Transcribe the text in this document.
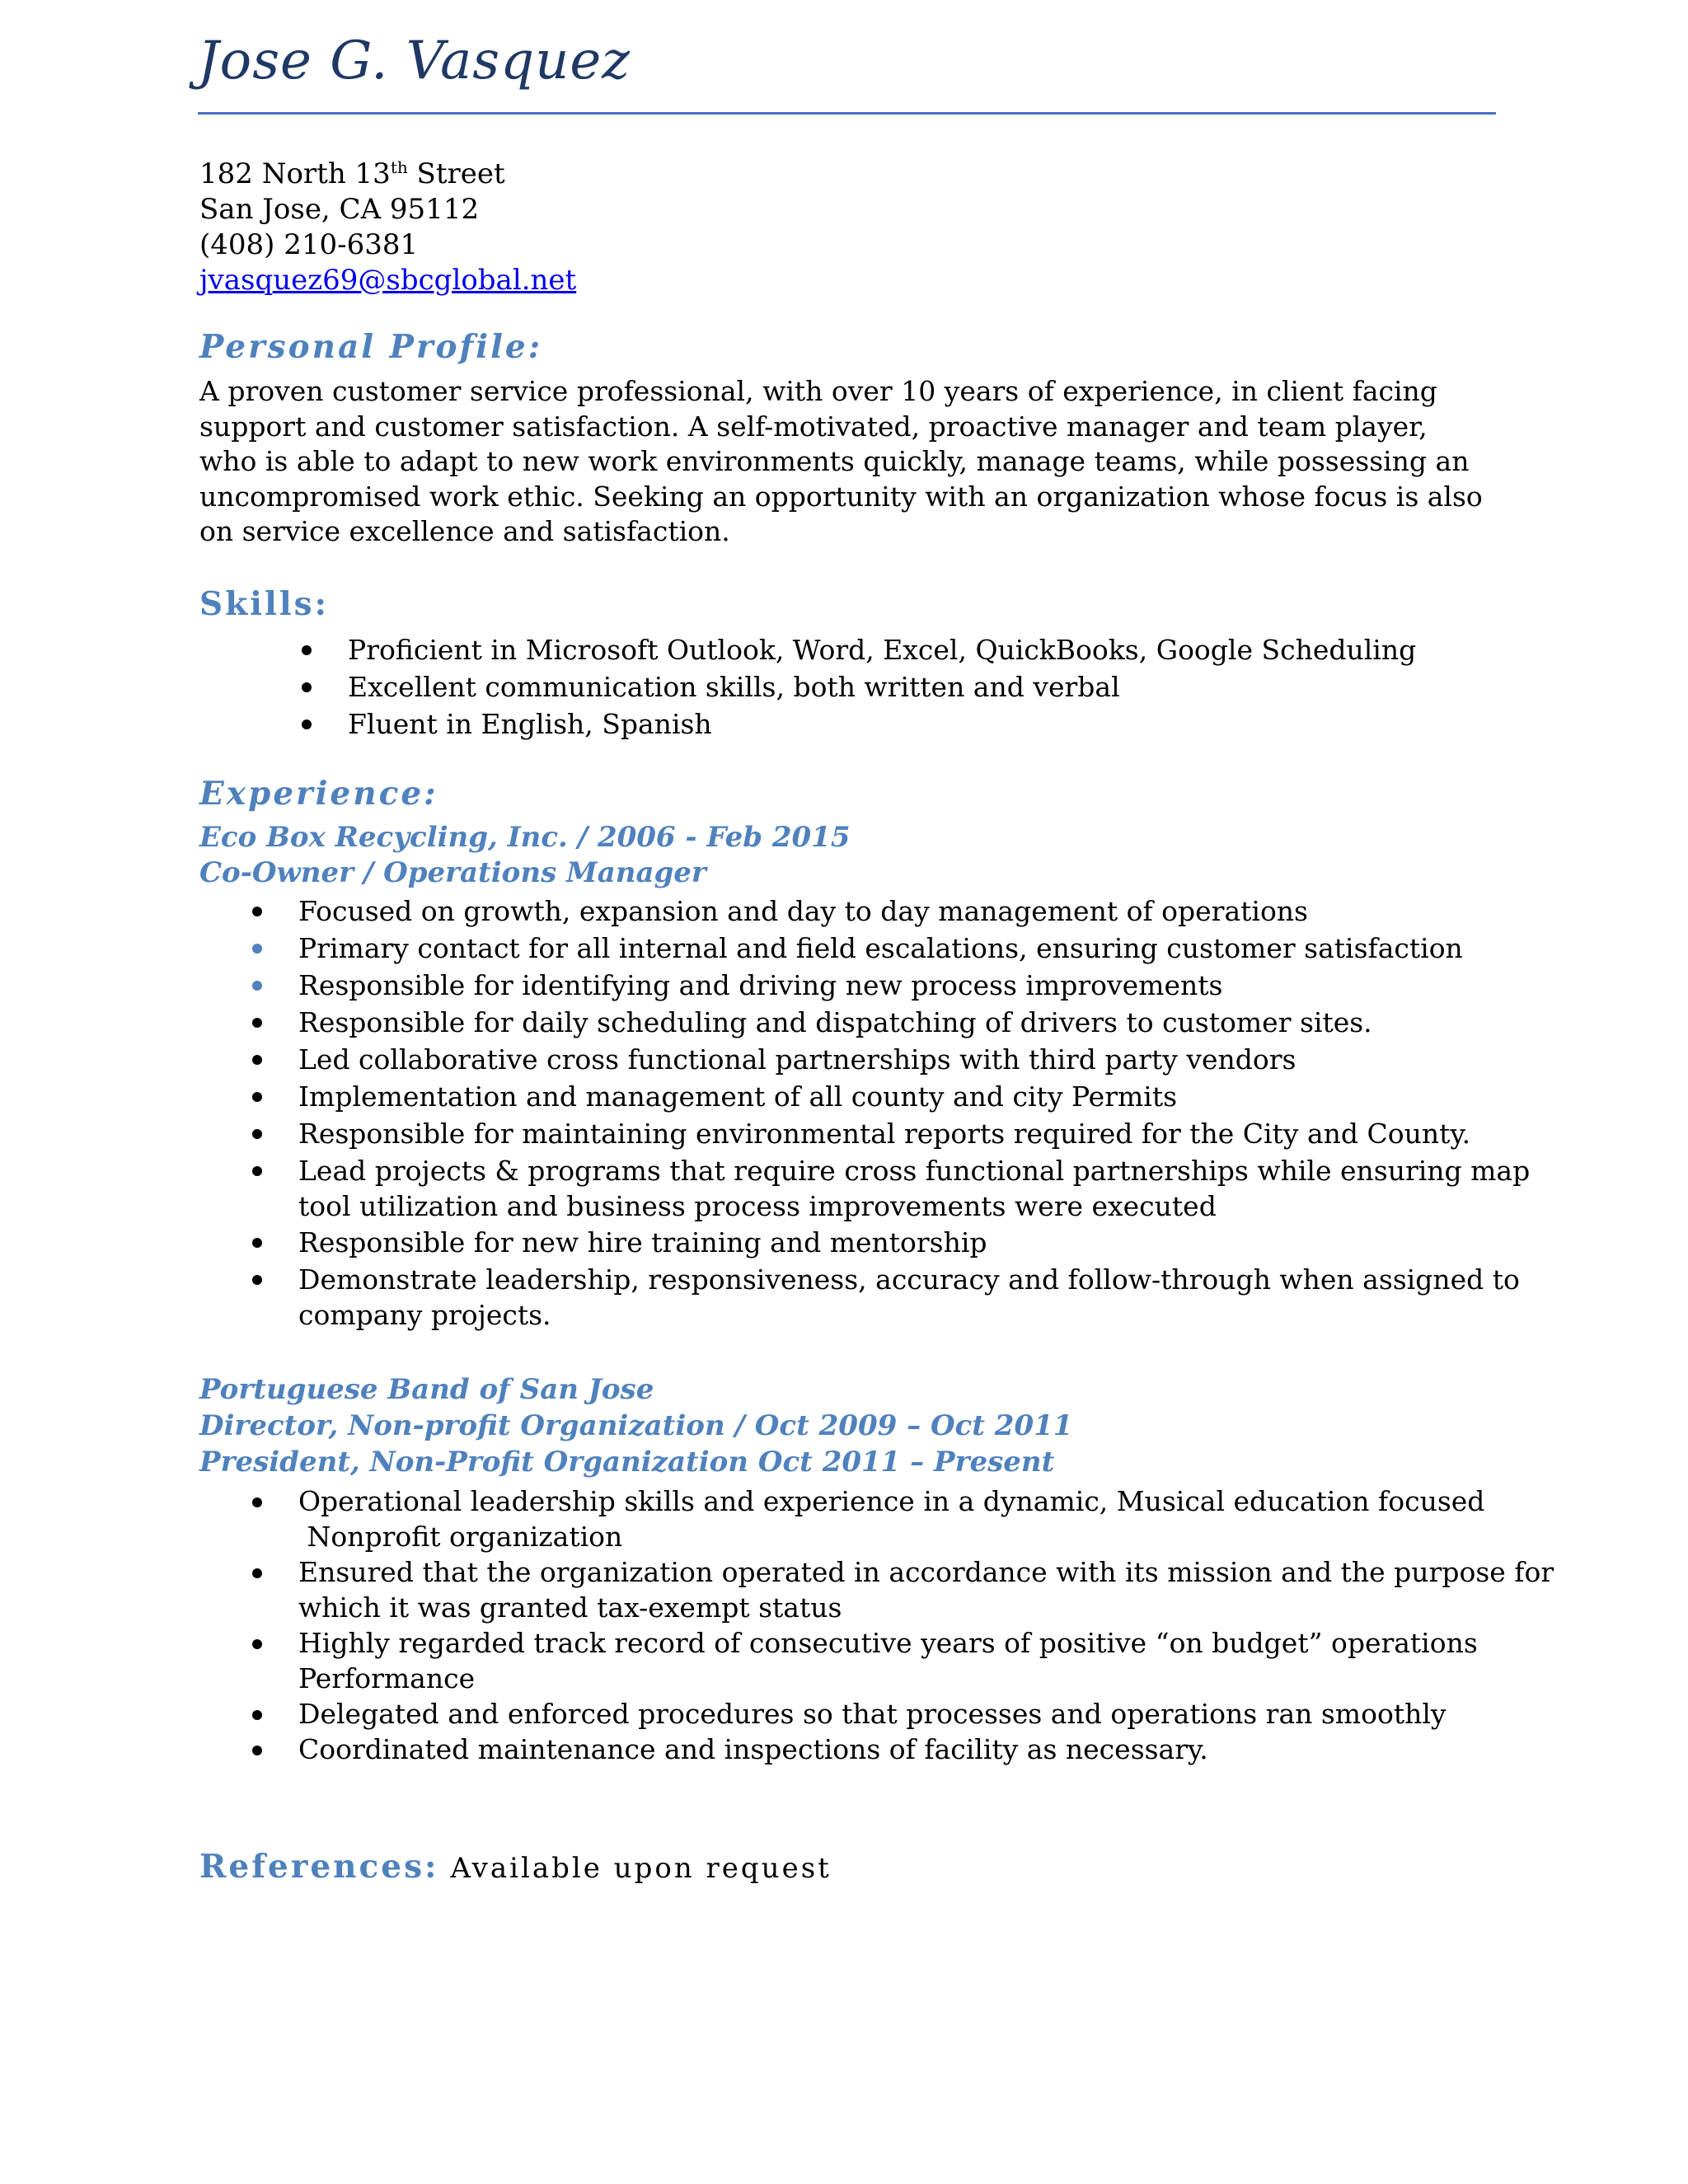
Jose G. Vasquez
182 North 13th Street
San Jose, CA 95112
(408) 210-6381
jvasquez69@sbcglobal.net
Personal Profile:

A proven customer service professional, with over 10 years of experience, in client facing support and customer satisfaction. A self-motivated, proactive manager and team player, who is able to adapt to new work environments quickly, manage teams, while possessing an uncompromised work ethic. Seeking an opportunity with an organization whose focus is also on service excellence and satisfaction.

Skills:
Proficient in Microsoft Outlook, Word, Excel, QuickBooks, Google Scheduling
Excellent communication skills, both written and verbal
Fluent in English, Spanish
Experience:
Eco Box Recycling, Inc. / 2006 - Feb 2015
Co-Owner / Operations Manager
Focused on growth, expansion and day to day management of operations
Primary contact for all internal and field escalations, ensuring customer satisfaction
Responsible for identifying and driving new process improvements
Responsible for daily scheduling and dispatching of drivers to customer sites.
Led collaborative cross functional partnerships with third party vendors
Implementation and management of all county and city Permits
Responsible for maintaining environmental reports required for the City and County.
Lead projects & programs that require cross functional partnerships while ensuring map
tool utilization and business process improvements were executed
Responsible for new hire training and mentorship
Demonstrate leadership, responsiveness, accuracy and follow-through when assigned to
company projects.
Portuguese Band of San Jose
Director, Non-profit Organization / Oct 2009 – Oct 2011
President, Non-Profit Organization Oct 2011 – Present
Operational leadership skills and experience in a dynamic, Musical education focused
Nonprofit organization
Ensured that the organization operated in accordance with its mission and the purpose for
which it was granted tax-exempt status
Highly regarded track record of consecutive years of positive “on budget” operations
Performance
Delegated and enforced procedures so that processes and operations ran smoothly
Coordinated maintenance and inspections of facility as necessary.
References: Available upon request
